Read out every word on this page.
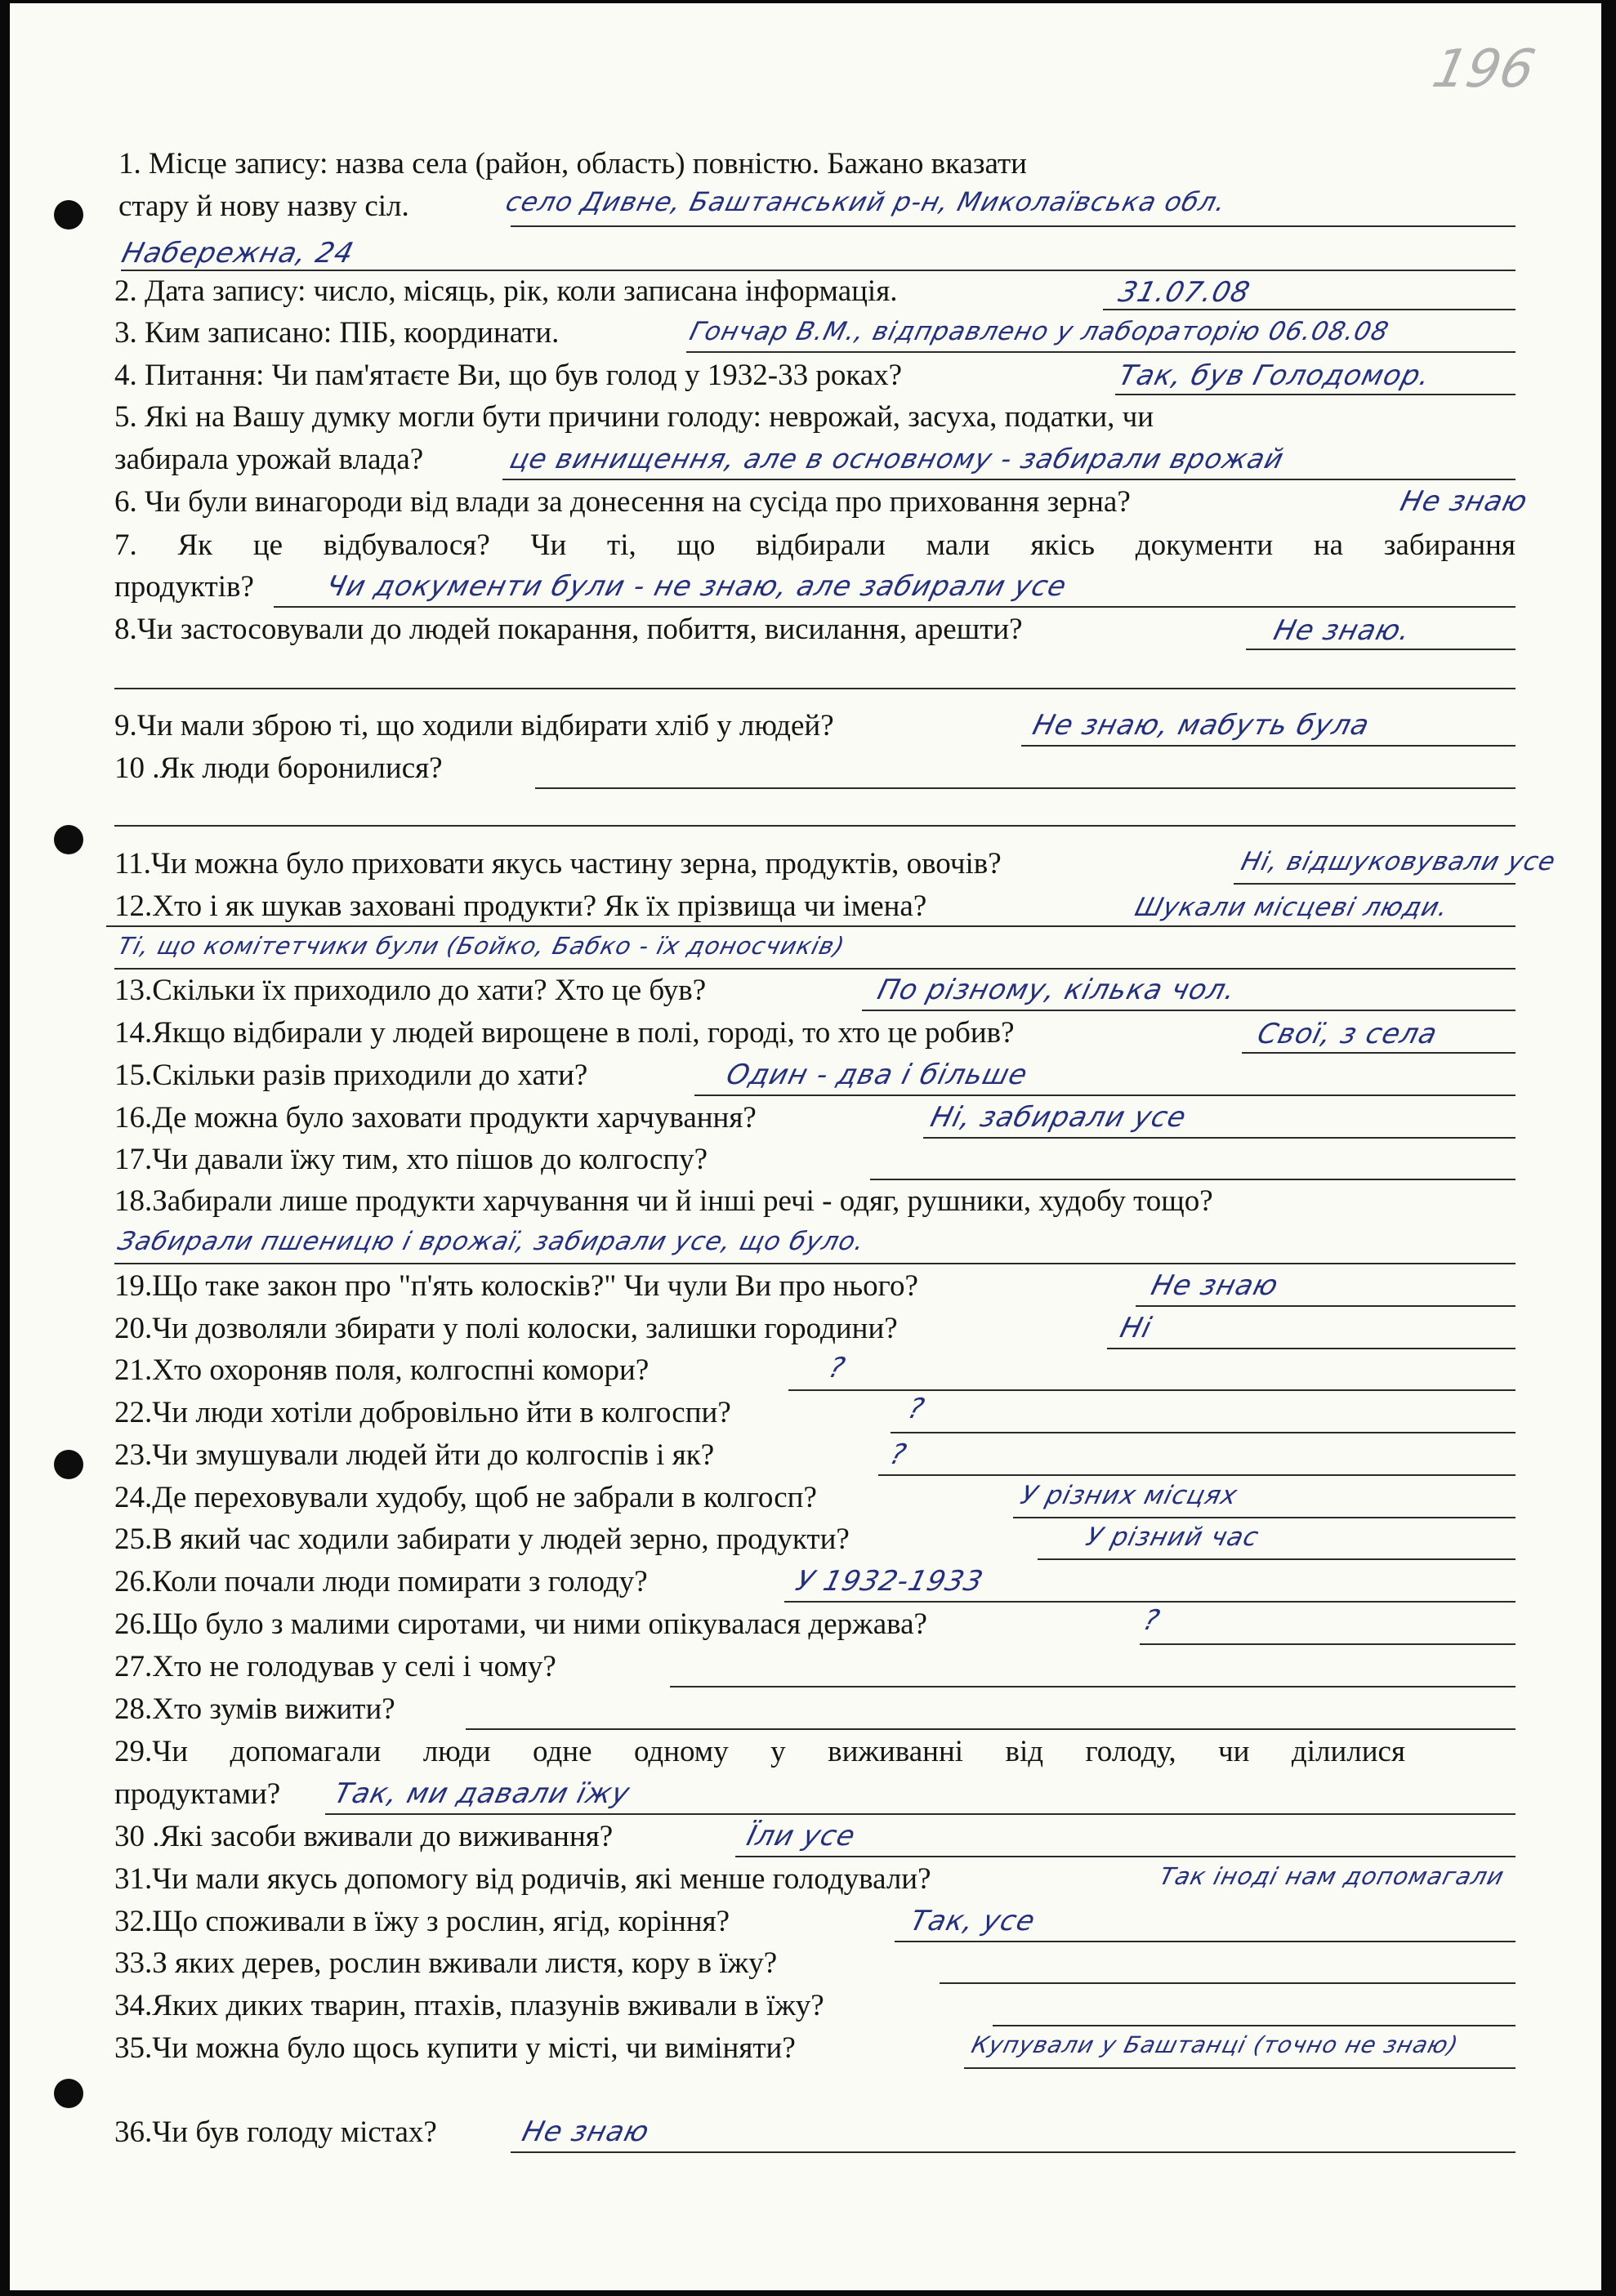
196
1. Місце запису: назва села (район, область) повністю. Бажано вказати
стару й нову назву сіл.	село Дивне, Баштанський р-н, Миколаївська обл.
Набережна, 24
2. Дата запису: число, місяць, рік, коли записана інформація.	31.07.08
3. Ким записано: ПІБ, координати.	Гончар В.М., відправлено у лабораторію 06.08.08
4. Питання: Чи пам'ятаєте Ви, що був голод у 1932-33 роках?	Так, був Голодомор.
5. Які на Вашу думку могли бути причини голоду: неврожай, засуха, податки, чи
забирала урожай влада?	це винищення, але в основному - забирали врожай
6. Чи були винагороди від влади за донесення на сусіда про приховання зерна?	Не знаю
7. Як це відбувалося? Чи ті, що відбирали мали якісь документи на забирання
продуктів?	Чи документи були - не знаю, але забирали усе
8.Чи застосовували до людей покарання, побиття, висилання, арешти?	Не знаю.
9.Чи мали зброю ті, що ходили відбирати хліб у людей?	Не знаю, мабуть була
10 .Як люди боронилися?
11.Чи можна було приховати якусь частину зерна, продуктів, овочів?	Ні, відшуковували усе
12.Хто і як шукав заховані продукти? Як їх прізвища чи імена?	Шукали місцеві люди.
Ті, що комітетчики були (Бойко, Бабко - їх доносчиків)
13.Скільки їх приходило до хати? Хто це був?	По різному, кілька чол.
14.Якщо відбирали у людей вирощене в полі, городі, то хто це робив?	Свої, з села
15.Скільки разів приходили до хати?	Один - два і більше
16.Де можна було заховати продукти харчування?	Ні, забирали усе
17.Чи давали їжу тим, хто пішов до колгоспу?
18.Забирали лише продукти харчування чи й інші речі - одяг, рушники, худобу тощо?
Забирали пшеницю і врожаї, забирали усе, що було.
19.Що таке закон про "п'ять колосків?" Чи чули Ви про нього?	Не знаю
20.Чи дозволяли збирати у полі колоски, залишки городини?	Ні
21.Хто охороняв поля, колгоспні комори?	?
22.Чи люди хотіли добровільно йти в колгоспи?	?
23.Чи змушували людей йти до колгоспів і як?	?
24.Де переховували худобу, щоб не забрали в колгосп?	У різних місцях
25.В який час ходили забирати у людей зерно, продукти?	У різний час
26.Коли почали люди помирати з голоду?	У 1932-1933
26.Що було з малими сиротами, чи ними опікувалася держава?	?
27.Хто не голодував у селі і чому?
28.Хто зумів вижити?
29.Чи допомагали люди одне одному у виживанні від голоду, чи ділилися
продуктами?	Так, ми давали їжу
30 .Які засоби вживали до виживання?	Їли усе
31.Чи мали якусь допомогу від родичів, які менше голодували?	Так іноді нам допомагали
32.Що споживали в їжу з рослин, ягід, коріння?	Так, усе
33.З яких дерев, рослин вживали листя, кору в їжу?
34.Яких диких тварин, птахів, плазунів вживали в їжу?
35.Чи можна було щось купити у місті, чи виміняти?	Купували у Баштанці (точно не знаю)
36.Чи був голоду містах?	Не знаю
